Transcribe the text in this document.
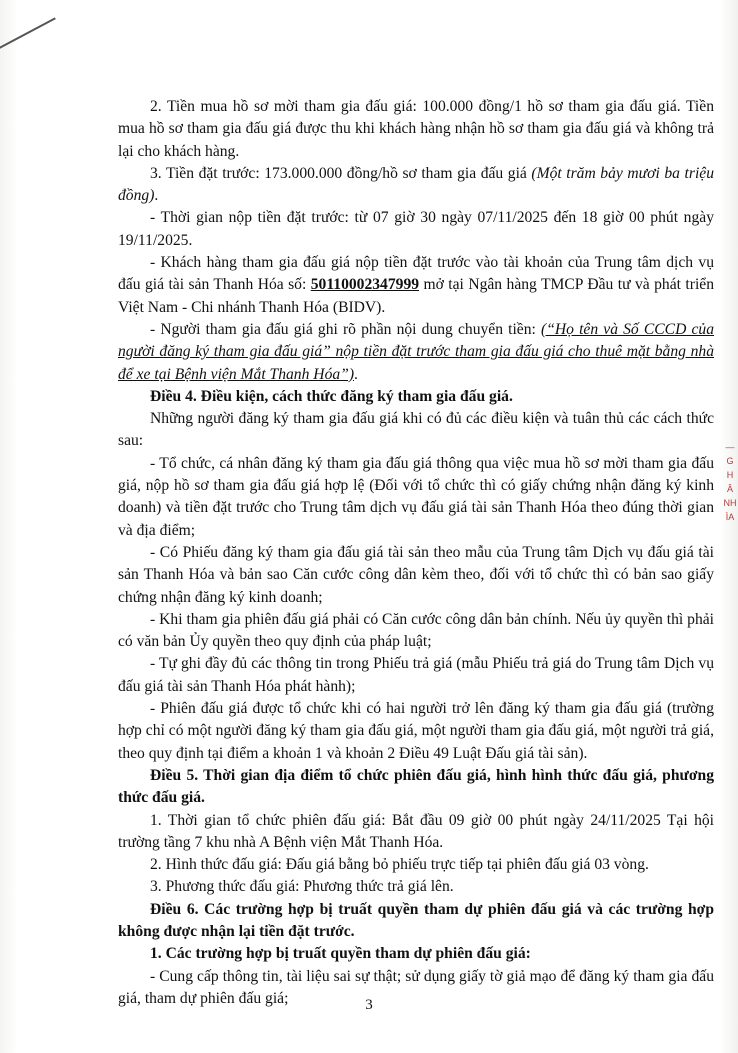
2. Tiền mua hồ sơ mời tham gia đấu giá: 100.000 đồng/1 hồ sơ tham gia đấu giá. Tiền mua hồ sơ tham gia đấu giá được thu khi khách hàng nhận hồ sơ tham gia đấu giá và không trả lại cho khách hàng.

3. Tiền đặt trước: 173.000.000 đồng/hồ sơ tham gia đấu giá (Một trăm bảy mươi ba triệu đồng).

- Thời gian nộp tiền đặt trước: từ 07 giờ 30 ngày 07/11/2025 đến 18 giờ 00 phút ngày 19/11/2025.

- Khách hàng tham gia đấu giá nộp tiền đặt trước vào tài khoản của Trung tâm dịch vụ đấu giá tài sản Thanh Hóa số: 50110002347999 mở tại Ngân hàng TMCP Đầu tư và phát triển Việt Nam - Chi nhánh Thanh Hóa (BIDV).

- Người tham gia đấu giá ghi rõ phần nội dung chuyển tiền: (“Họ tên và Số CCCD của người đăng ký tham gia đấu giá” nộp tiền đặt trước tham gia đấu giá cho thuê mặt bằng nhà để xe tại Bệnh viện Mắt Thanh Hóa”).

Điều 4. Điều kiện, cách thức đăng ký tham gia đấu giá.

Những người đăng ký tham gia đấu giá khi có đủ các điều kiện và tuân thủ các cách thức sau:

- Tổ chức, cá nhân đăng ký tham gia đấu giá thông qua việc mua hồ sơ mời tham gia đấu giá, nộp hồ sơ tham gia đấu giá hợp lệ (Đối với tổ chức thì có giấy chứng nhận đăng ký kinh doanh) và tiền đặt trước cho Trung tâm dịch vụ đấu giá tài sản Thanh Hóa theo đúng thời gian và địa điểm;

- Có Phiếu đăng ký tham gia đấu giá tài sản theo mẫu của Trung tâm Dịch vụ đấu giá tài sản Thanh Hóa và bản sao Căn cước công dân kèm theo, đối với tổ chức thì có bản sao giấy chứng nhận đăng ký kinh doanh;

- Khi tham gia phiên đấu giá phải có Căn cước công dân bản chính. Nếu ủy quyền thì phải có văn bản Ủy quyền theo quy định của pháp luật;

- Tự ghi đầy đủ các thông tin trong Phiếu trả giá (mẫu Phiếu trả giá do Trung tâm Dịch vụ đấu giá tài sản Thanh Hóa phát hành);

- Phiên đấu giá được tổ chức khi có hai người trở lên đăng ký tham gia đấu giá (trường hợp chỉ có một người đăng ký tham gia đấu giá, một người tham gia đấu giá, một người trả giá, theo quy định tại điểm a khoản 1 và khoản 2 Điều 49 Luật Đấu giá tài sản).

Điều 5. Thời gian địa điểm tổ chức phiên đấu giá, hình hình thức đấu giá, phương thức đấu giá.

1. Thời gian tổ chức phiên đấu giá: Bắt đầu 09 giờ 00 phút ngày 24/11/2025 Tại hội trường tầng 7 khu nhà A Bệnh viện Mắt Thanh Hóa.

2. Hình thức đấu giá: Đấu giá bằng bỏ phiếu trực tiếp tại phiên đấu giá 03 vòng.

3. Phương thức đấu giá: Phương thức trả giá lên.

Điều 6. Các trường hợp bị truất quyền tham dự phiên đấu giá và các trường hợp không được nhận lại tiền đặt trước.

1. Các trường hợp bị truất quyền tham dự phiên đấu giá:

- Cung cấp thông tin, tài liệu sai sự thật; sử dụng giấy tờ giả mạo để đăng ký tham gia đấu giá, tham dự phiên đấu giá;

—
G
H
Â
NH
ÌA
3
